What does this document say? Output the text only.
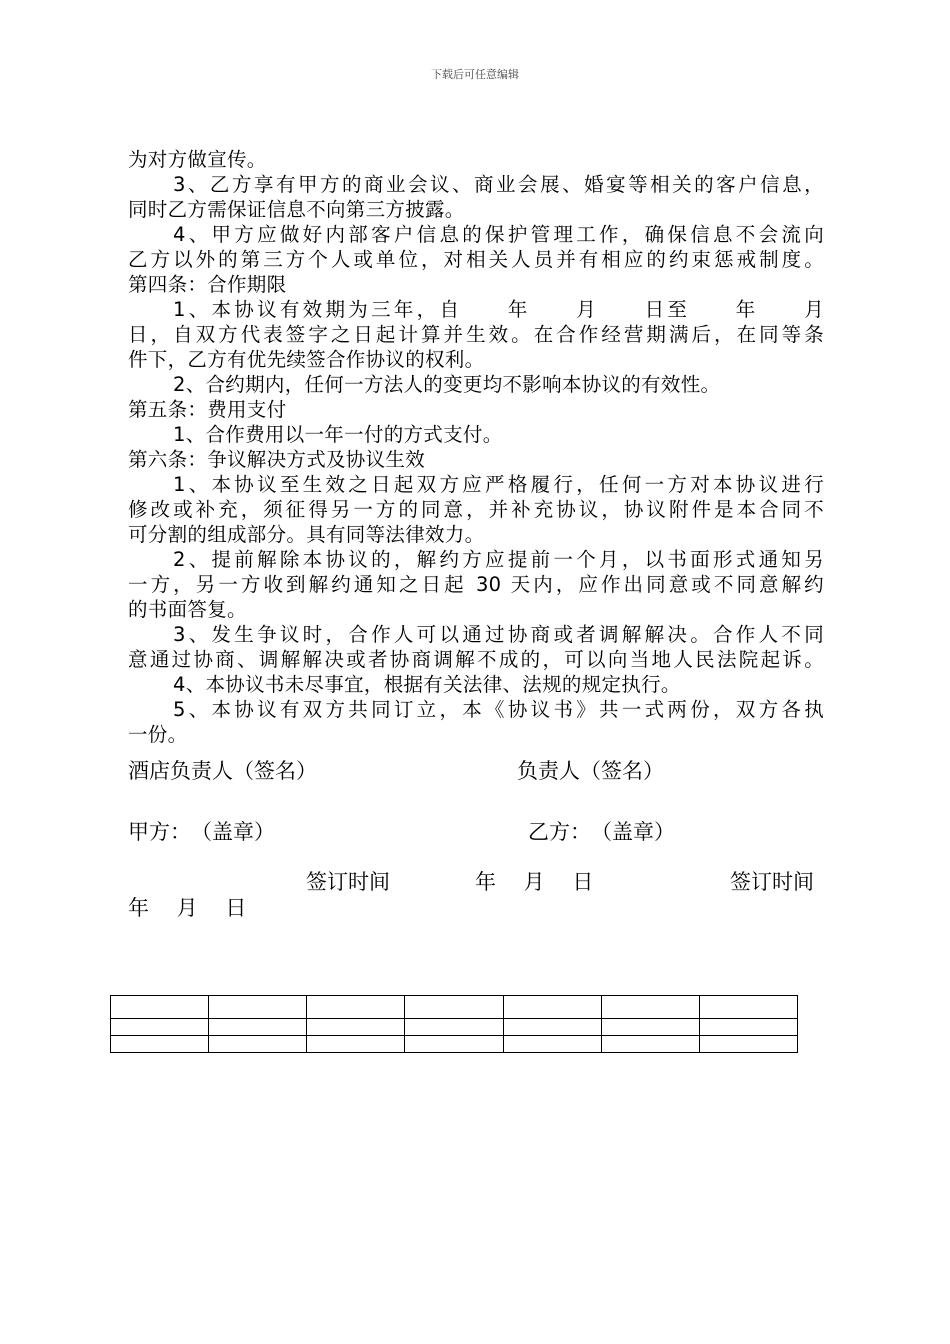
下载后可任意编辑
为对方做宣传。
3、乙方享有甲方的商业会议、商业会展、婚宴等相关的客户信息，
同时乙方需保证信息不向第三方披露。
4、甲方应做好内部客户信息的保护管理工作，确保信息不会流向
乙方以外的第三方个人或单位，对相关人员并有相应的约束惩戒制度。
第四条：合作期限
1、本协议有效期为三年，自　　年　　月　　日至　　年　　月
日，自双方代表签字之日起计算并生效。在合作经营期满后，在同等条
件下，乙方有优先续签合作协议的权利。
2、合约期内，任何一方法人的变更均不影响本协议的有效性。
第五条：费用支付
1、合作费用以一年一付的方式支付。
第六条：争议解决方式及协议生效
1、本协议至生效之日起双方应严格履行，任何一方对本协议进行
修改或补充，须征得另一方的同意，并补充协议，协议附件是本合同不
可分割的组成部分。具有同等法律效力。
2、提前解除本协议的，解约方应提前一个月，以书面形式通知另
一方，另一方收到解约通知之日起 30 天内，应作出同意或不同意解约
的书面答复。
3、发生争议时，合作人可以通过协商或者调解解决。合作人不同
意通过协商、调解解决或者协商调解不成的，可以向当地人民法院起诉。
4、本协议书未尽事宜，根据有关法律、法规的规定执行。
5、本协议有双方共同订立，本《协议书》共一式两份，双方各执
一份。
酒店负责人（签名）	负责人（签名）
甲方：　（盖章）	乙方：　（盖章）
签订时间	年　 月　 日	签订时间
年　 月　 日
